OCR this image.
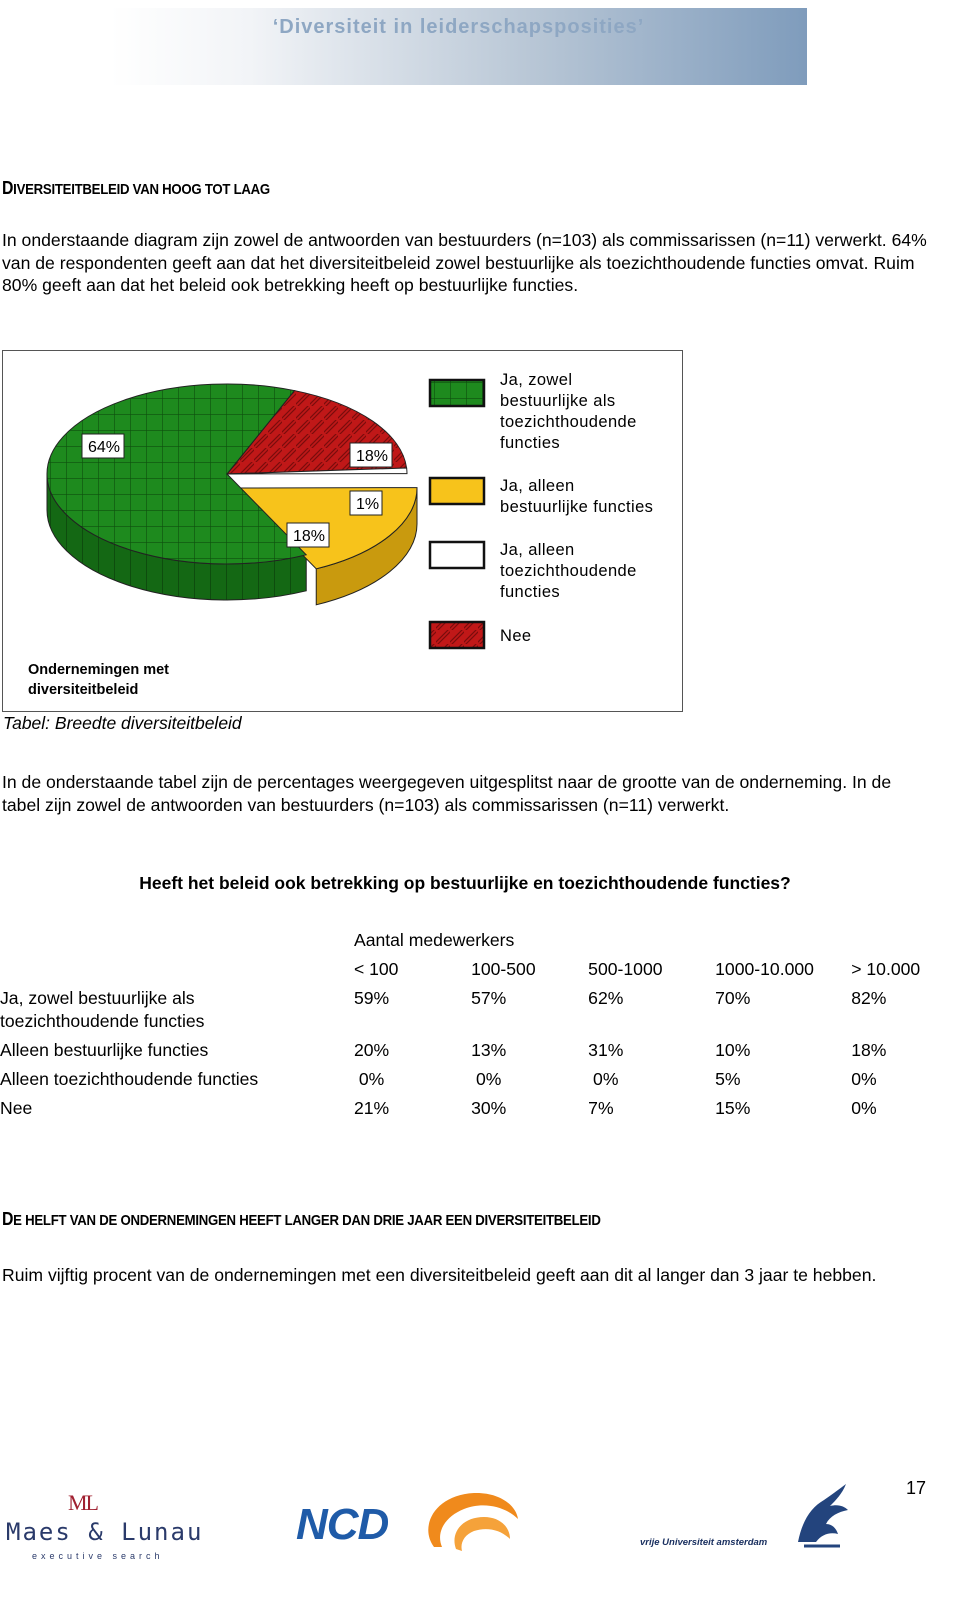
‘Diversiteit in leiderschapsposities’
DIVERSITEITBELEID VAN HOOG TOT LAAG
In onderstaande diagram zijn zowel de antwoorden van bestuurders (n=103) als commissarissen (n=11) verwerkt. 64% van de respondenten geeft aan dat het diversiteitbeleid zowel bestuurlijke als toezichthoudende functies omvat. Ruim 80% geeft aan dat het beleid ook betrekking heeft op bestuurlijke functies.
64%
18%
1%
18%
Ja, zowel
bestuurlijke als
toezichthoudende
functies
Ja, alleen
bestuurlijke functies
Ja, alleen
toezichthoudende
functies
Nee
Ondernemingen met
diversiteitbeleid
Tabel: Breedte diversiteitbeleid
In de onderstaande tabel zijn de percentages weergegeven uitgesplitst naar de grootte van de onderneming. In de tabel zijn zowel de antwoorden van bestuurders (n=103) als commissarissen (n=11) verwerkt.
Heeft het beleid ook betrekking op bestuurlijke en toezichthoudende functies?
	Aantal medewerkers				
	< 100	100-500	500-1000	1000-10.000	> 10.000
Ja, zowel bestuurlijke als toezichthoudende functies	59%	57%	62%	70%	82%
Alleen bestuurlijke functies	20%	13%	31%	10%	18%
Alleen toezichthoudende functies	0%	0%	0%	5%	0%
Nee	21%	30%	7%	15%	0%
DE HELFT VAN DE ONDERNEMINGEN HEEFT LANGER DAN DRIE JAAR EEN DIVERSITEITBELEID
Ruim vijftig procent van de ondernemingen met een diversiteitbeleid geeft aan dit al langer dan 3 jaar te hebben.
17
ML
Maes & Lunau
executive search
NCD	vrije Universiteit amsterdam
